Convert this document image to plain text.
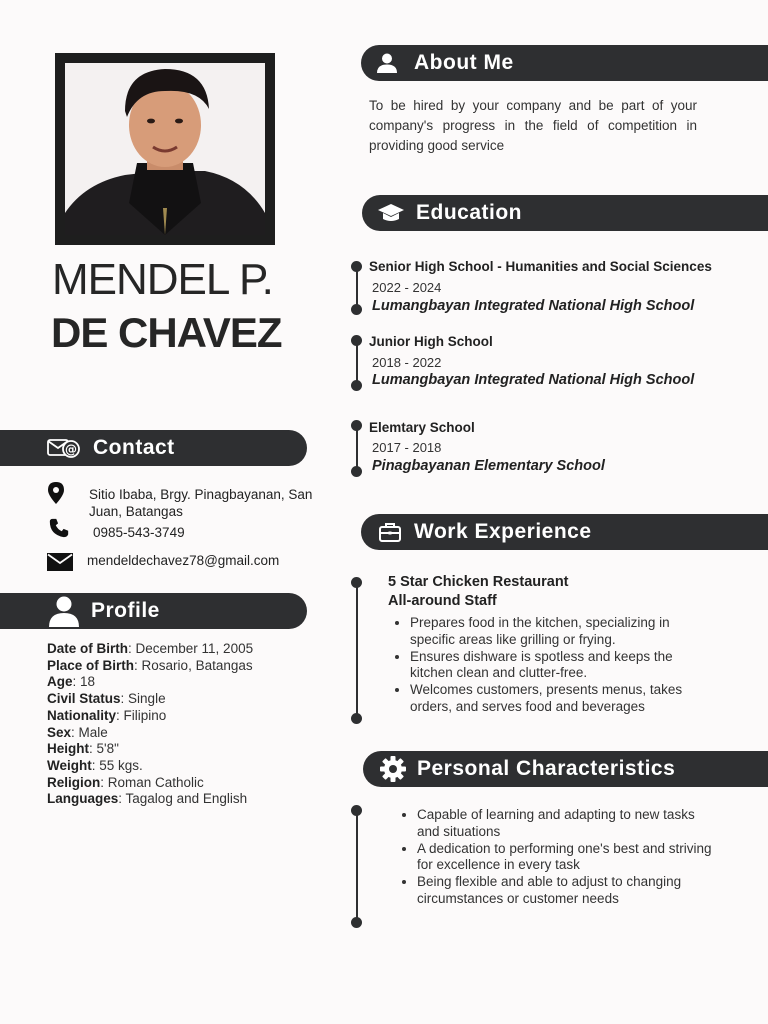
MENDEL P.
DE CHAVEZ
About Me
To be hired by your company and be part of your company's progress in the field of competition in providing good service
Education
Senior High School - Humanities and Social Sciences
2022 - 2024
Lumangbayan Integrated National High School
Junior High School
2018 - 2022
Lumangbayan Integrated National High School
Elemtary School
2017 - 2018
Pinagbayanan Elementary School
@ Contact
Sitio Ibaba, Brgy. Pinagbayanan, San Juan, Batangas
0985-543-3749
mendeldechavez78@gmail.com
Profile
Date of Birth: December 11, 2005
Place of Birth: Rosario, Batangas
Age: 18
Civil Status: Single
Nationality: Filipino
Sex: Male
Height: 5'8"
Weight: 55 kgs.
Religion: Roman Catholic
Languages: Tagalog and English
Work Experience
5 Star Chicken Restaurant
All-around Staff
• Prepares food in the kitchen, specializing in specific areas like grilling or frying.
• Ensures dishware is spotless and keeps the kitchen clean and clutter-free.
• Welcomes customers, presents menus, takes orders, and serves food and beverages
Personal Characteristics
• Capable of learning and adapting to new tasks and situations
• A dedication to performing one's best and striving for excellence in every task
• Being flexible and able to adjust to changing circumstances or customer needs
